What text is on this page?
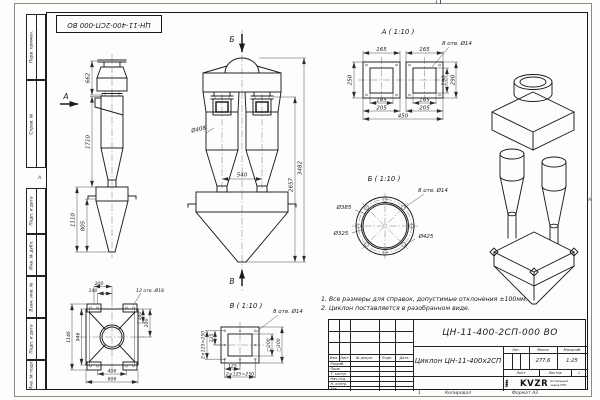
Перв. примен.
Справ. №
Подп. и дата
Инв. № дубл.
Взам. инв. №
Подп. и дата
Инв. № подл.
А
А
1
1
ЦН-11-400-2СП-000 ВО
А
662
1710
1110 805
Б
В
Ø408
540
2657
3482
А ( 1:10 )
8 отв. Ø14
165	165
250	190 290
105	105
205	205
450
Б ( 1:10 )
8 отв. Ø14
Ø385
Ø325	Ø425
В ( 1:10 )
8 отв. Ø14
125
2×125=250	□200 □300
125
2×125=250
200
140	12 отв. Ø18
140
200
1146 946
406
606
1. Все размеры для справок, допустимые отклонения ±100мм.
2. Циклон поставляется в разобранном виде.
Изм. Лист	№ докум.	Подп.	Дата
Разраб.
Пров.
Т. контр.
Нач.отд.
Н. контр.
Утв.
ЦН-11-400-2СП-000 ВО
Циклон ЦН-11-400х2СП
Лит.	Масса	Масштаб
277,6	1:25
Лист	Листов	1
KVZR Котельный
завод РЗП
Копировал	Формат А3
